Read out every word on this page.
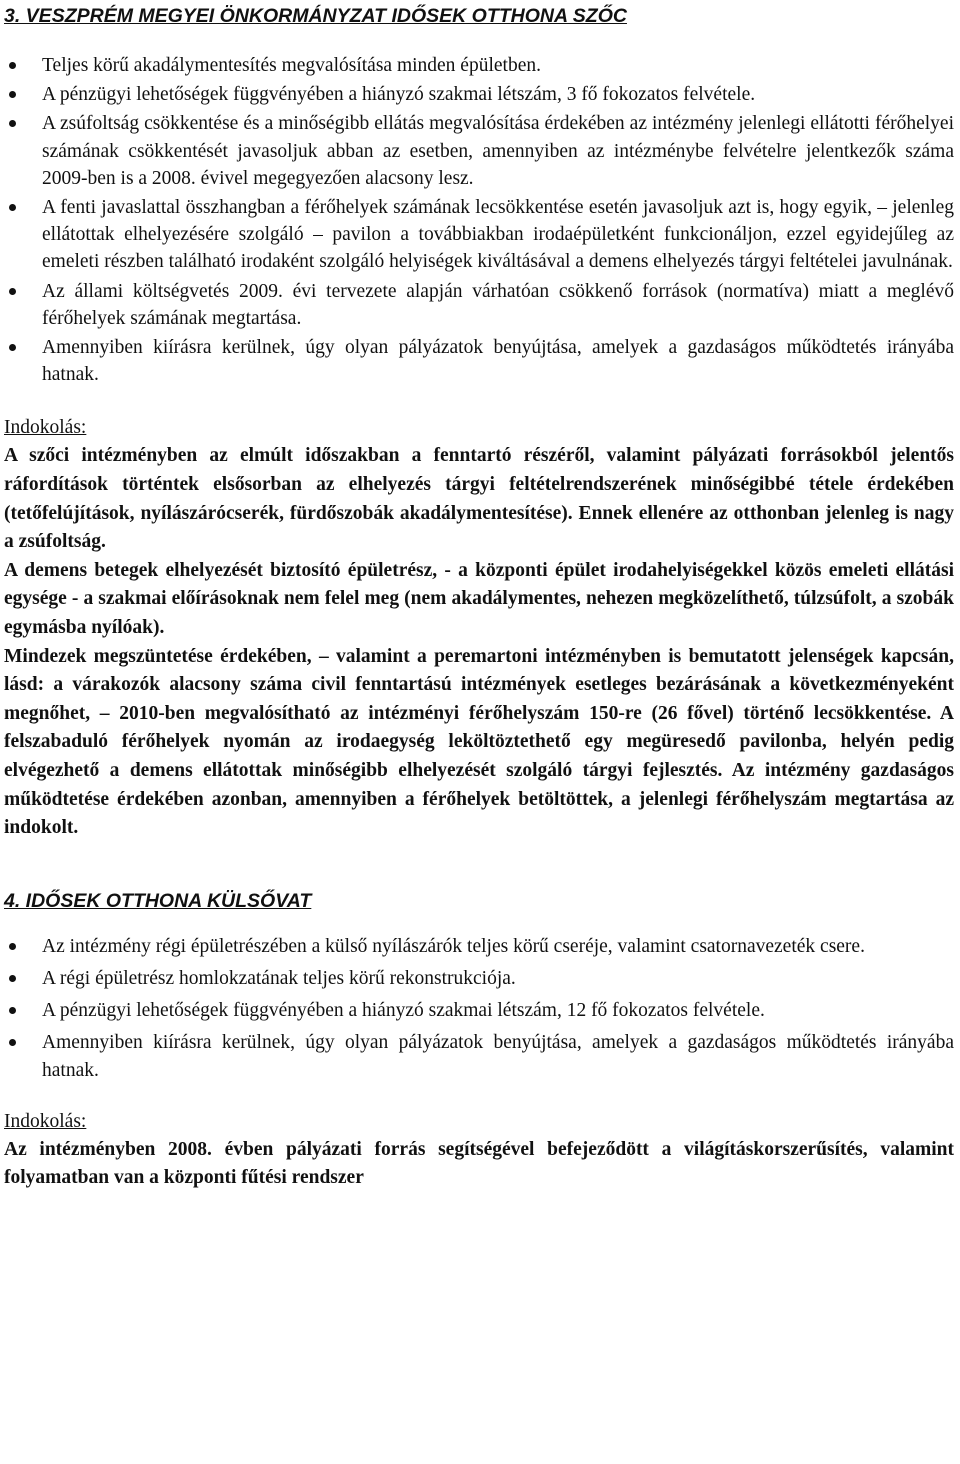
3. VESZPRÉM MEGYEI ÖNKORMÁNYZAT IDŐSEK OTTHONA SZŐC
Teljes körű akadálymentesítés megvalósítása minden épületben.
A pénzügyi lehetőségek függvényében a hiányzó szakmai létszám, 3 fő fokozatos felvétele.
A zsúfoltság csökkentése és a minőségibb ellátás megvalósítása érdekében az intézmény jelenlegi ellátotti férőhelyei számának csökkentését javasoljuk abban az esetben, amennyiben az intézménybe felvételre jelentkezők száma 2009-ben is a 2008. évivel megegyezően alacsony lesz.
A fenti javaslattal összhangban a férőhelyek számának lecsökkentése esetén javasoljuk azt is, hogy egyik, – jelenleg ellátottak elhelyezésére szolgáló – pavilon a továbbiakban irodaépületként funkcionáljon, ezzel egyidejűleg az emeleti részben található irodaként szolgáló helyiségek kiváltásával a demens elhelyezés tárgyi feltételei javulnának.
Az állami költségvetés 2009. évi tervezete alapján várhatóan csökkenő források (normatíva) miatt a meglévő férőhelyek számának megtartása.
Amennyiben kiírásra kerülnek, úgy olyan pályázatok benyújtása, amelyek a gazdaságos működtetés irányába hatnak.

Indokolás:

A szőci intézményben az elmúlt időszakban a fenntartó részéről, valamint pályázati forrásokból jelentős ráfordítások történtek elsősorban az elhelyezés tárgyi feltételrendszerének minőségibbé tétele érdekében (tetőfelújítások, nyílászárócserék, fürdőszobák akadálymentesítése). Ennek ellenére az otthonban jelenleg is nagy a zsúfoltság.

A demens betegek elhelyezését biztosító épületrész, - a központi épület irodahelyiségekkel közös emeleti ellátási egysége - a szakmai előírásoknak nem felel meg (nem akadálymentes, nehezen megközelíthető, túlzsúfolt, a szobák egymásba nyílóak).

Mindezek megszüntetése érdekében, – valamint a peremartoni intézményben is bemutatott jelenségek kapcsán, lásd: a várakozók alacsony száma civil fenntartású intézmények esetleges bezárásának a következményeként megnőhet, – 2010-ben megvalósítható az intézményi férőhelyszám 150-re (26 fővel) történő lecsökkentése. A felszabaduló férőhelyek nyomán az irodaegység leköltöztethető egy megüresedő pavilonba, helyén pedig elvégezhető a demens ellátottak minőségibb elhelyezését szolgáló tárgyi fejlesztés. Az intézmény gazdaságos működtetése érdekében azonban, amennyiben a férőhelyek betöltöttek, a jelenlegi férőhelyszám megtartása az indokolt.

4. IDŐSEK OTTHONA KÜLSŐVAT
Az intézmény régi épületrészében a külső nyílászárók teljes körű cseréje, valamint csatornavezeték csere.
A régi épületrész homlokzatának teljes körű rekonstrukciója.
A pénzügyi lehetőségek függvényében a hiányzó szakmai létszám, 12 fő fokozatos felvétele.
Amennyiben kiírásra kerülnek, úgy olyan pályázatok benyújtása, amelyek a gazdaságos működtetés irányába hatnak.

Indokolás:

Az intézményben 2008. évben pályázati forrás segítségével befejeződött a világításkorszerűsítés, valamint folyamatban van a központi fűtési rendszer
